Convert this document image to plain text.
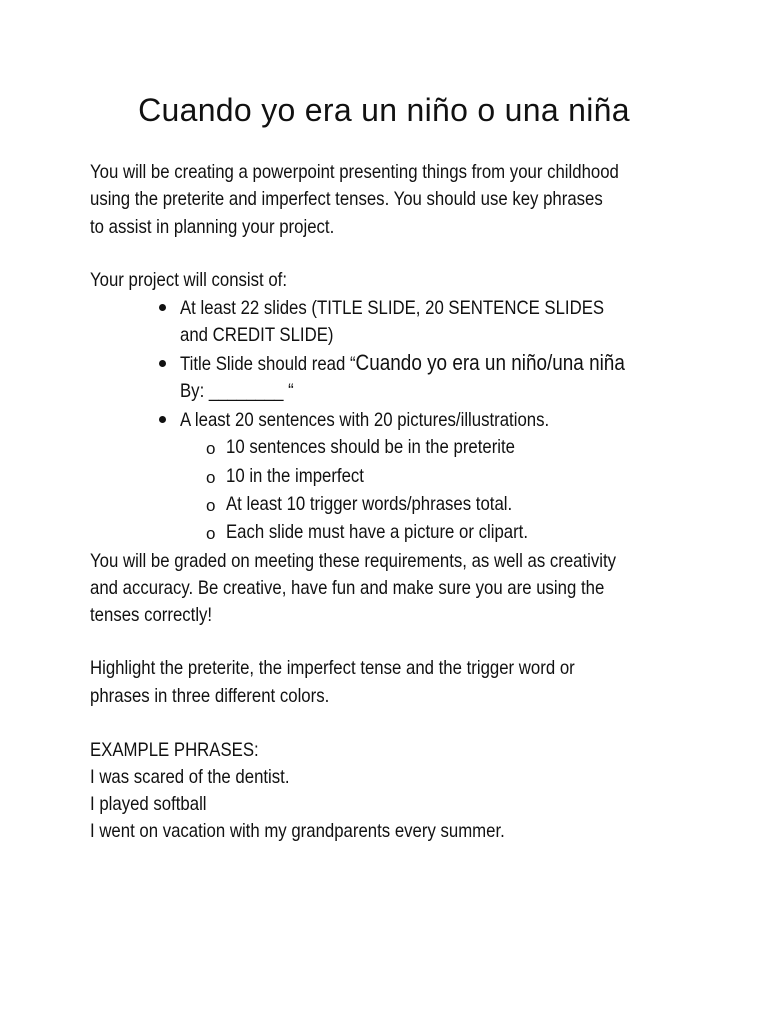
Cuando yo era un niño o una niña
You will be creating a powerpoint presenting things from your childhood
using the preterite and imperfect tenses. You should use key phrases
to assist in planning your project.
Your project will consist of:
At least 22 slides (TITLE SLIDE, 20 SENTENCE SLIDES
and CREDIT SLIDE)
Title Slide should read “Cuando yo era un niño/una niña
By: ________ “
A least 20 sentences with 20 pictures/illustrations.
o 10 sentences should be in the preterite
o 10 in the imperfect
o At least 10 trigger words/phrases total.
o Each slide must have a picture or clipart.
You will be graded on meeting these requirements, as well as creativity
and accuracy. Be creative, have fun and make sure you are using the
tenses correctly!
Highlight the preterite, the imperfect tense and the trigger word or
phrases in three different colors.
EXAMPLE PHRASES:
I was scared of the dentist.
I played softball
I went on vacation with my grandparents every summer.
